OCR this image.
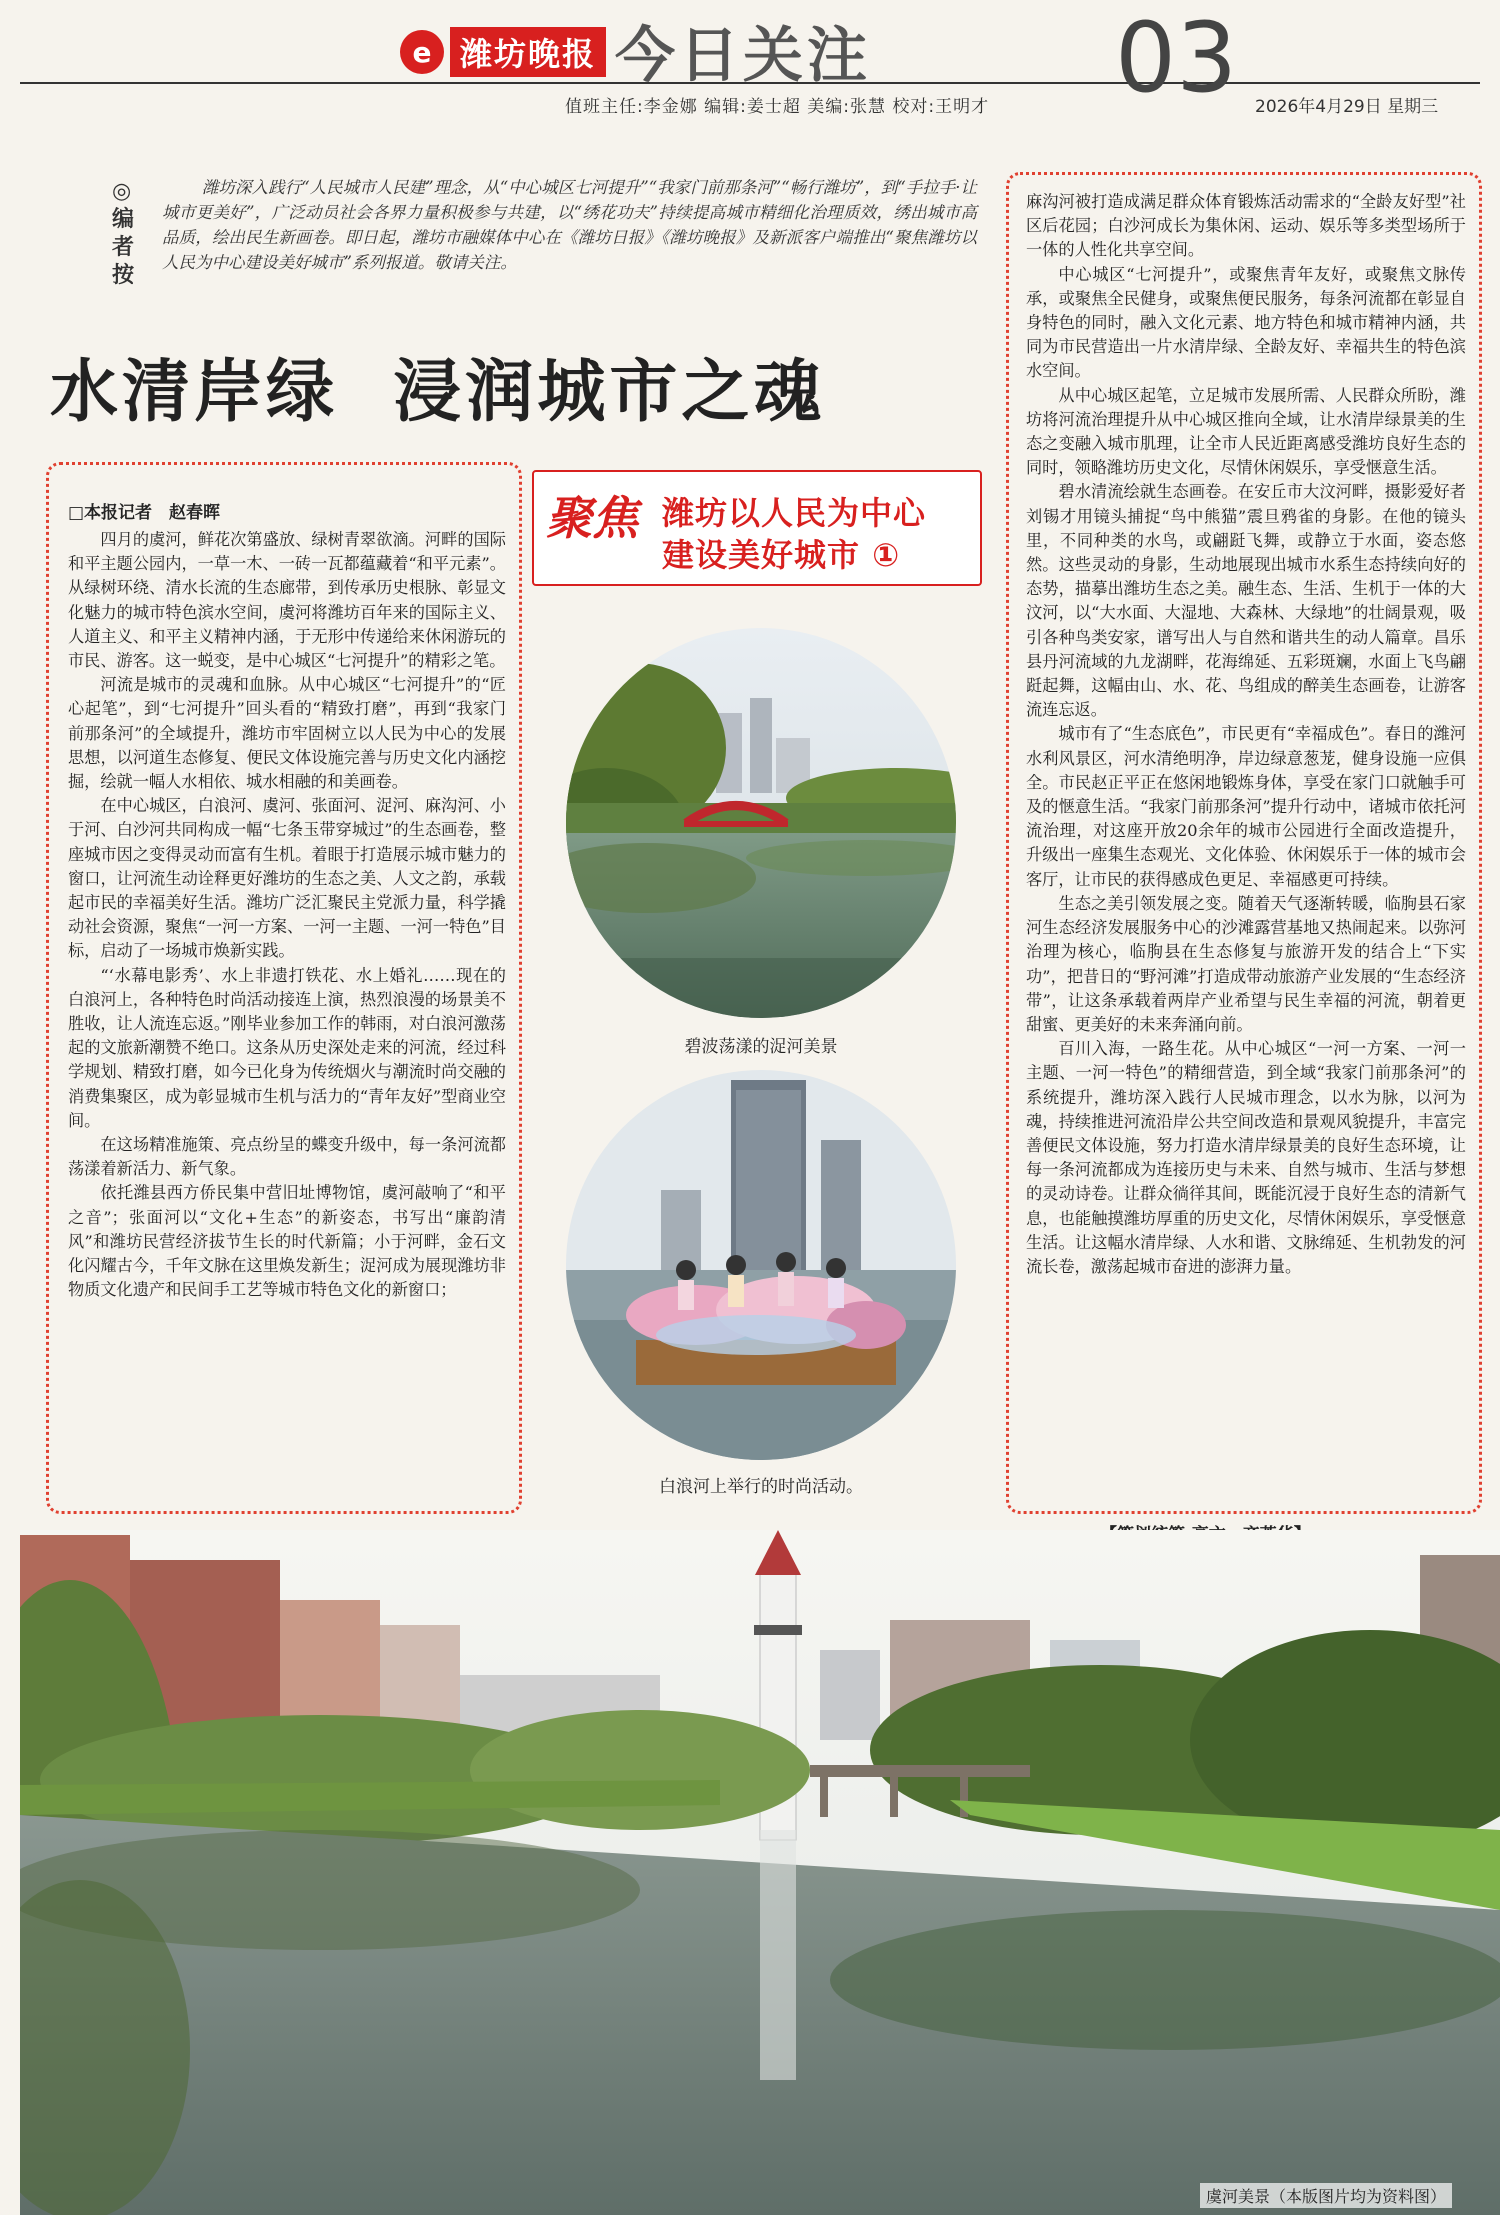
e 潍坊晚报 今日关注	03
值班主任:李金娜 编辑:姜士超 美编:张慧 校对:王明才	2026年4月29日 星期三
◎编者按
潍坊深入践行“人民城市人民建”理念，从“中心城区七河提升”“我家门前那条河”“畅行潍坊”，到“手拉手·让城市更美好”，广泛动员社会各界力量积极参与共建，以“绣花功夫”持续提高城市精细化治理质效，绣出城市高品质，绘出民生新画卷。即日起，潍坊市融媒体中心在《潍坊日报》《潍坊晚报》及新派客户端推出“聚焦潍坊以人民为中心建设美好城市”系列报道。敬请关注。
水清岸绿  浸润城市之魂
□本报记者　赵春晖

四月的虞河，鲜花次第盛放、绿树青翠欲滴。河畔的国际和平主题公园内，一草一木、一砖一瓦都蕴藏着“和平元素”。从绿树环绕、清水长流的生态廊带，到传承历史根脉、彰显文化魅力的城市特色滨水空间，虞河将潍坊百年来的国际主义、人道主义、和平主义精神内涵，于无形中传递给来休闲游玩的市民、游客。这一蜕变，是中心城区“七河提升”的精彩之笔。

河流是城市的灵魂和血脉。从中心城区“七河提升”的“匠心起笔”，到“七河提升”回头看的“精致打磨”，再到“我家门前那条河”的全域提升，潍坊市牢固树立以人民为中心的发展思想，以河道生态修复、便民文体设施完善与历史文化内涵挖掘，绘就一幅人水相依、城水相融的和美画卷。

在中心城区，白浪河、虞河、张面河、浞河、麻沟河、小于河、白沙河共同构成一幅“七条玉带穿城过”的生态画卷，整座城市因之变得灵动而富有生机。着眼于打造展示城市魅力的窗口，让河流生动诠释更好潍坊的生态之美、人文之韵，承载起市民的幸福美好生活。潍坊广泛汇聚民主党派力量，科学撬动社会资源，聚焦“一河一方案、一河一主题、一河一特色”目标，启动了一场城市焕新实践。

“‘水幕电影秀’、水上非遗打铁花、水上婚礼……现在的白浪河上，各种特色时尚活动接连上演，热烈浪漫的场景美不胜收，让人流连忘返。”刚毕业参加工作的韩雨，对白浪河激荡起的文旅新潮赞不绝口。这条从历史深处走来的河流，经过科学规划、精致打磨，如今已化身为传统烟火与潮流时尚交融的消费集聚区，成为彰显城市生机与活力的“青年友好”型商业空间。

在这场精准施策、亮点纷呈的蝶变升级中，每一条河流都荡漾着新活力、新气象。

依托潍县西方侨民集中营旧址博物馆，虞河敲响了“和平之音”；张面河以“文化+生态”的新姿态，书写出“廉韵清风”和潍坊民营经济拔节生长的时代新篇；小于河畔，金石文化闪耀古今，千年文脉在这里焕发新生；浞河成为展现潍坊非物质文化遗产和民间手工艺等城市特色文化的新窗口；

聚焦 潍坊以人民为中心
建设美好城市 ①
碧波荡漾的浞河美景
白浪河上举行的时尚活动。

麻沟河被打造成满足群众体育锻炼活动需求的“全龄友好型”社区后花园；白沙河成长为集休闲、运动、娱乐等多类型场所于一体的人性化共享空间。

中心城区“七河提升”，或聚焦青年友好，或聚焦文脉传承，或聚焦全民健身，或聚焦便民服务，每条河流都在彰显自身特色的同时，融入文化元素、地方特色和城市精神内涵，共同为市民营造出一片水清岸绿、全龄友好、幸福共生的特色滨水空间。

从中心城区起笔，立足城市发展所需、人民群众所盼，潍坊将河流治理提升从中心城区推向全域，让水清岸绿景美的生态之变融入城市肌理，让全市人民近距离感受潍坊良好生态的同时，领略潍坊历史文化，尽情休闲娱乐，享受惬意生活。

碧水清流绘就生态画卷。在安丘市大汶河畔，摄影爱好者刘锡才用镜头捕捉“鸟中熊猫”震旦鸦雀的身影。在他的镜头里，不同种类的水鸟，或翩跹飞舞，或静立于水面，姿态悠然。这些灵动的身影，生动地展现出城市水系生态持续向好的态势，描摹出潍坊生态之美。融生态、生活、生机于一体的大汶河，以“大水面、大湿地、大森林、大绿地”的壮阔景观，吸引各种鸟类安家，谱写出人与自然和谐共生的动人篇章。昌乐县丹河流域的九龙湖畔，花海绵延、五彩斑斓，水面上飞鸟翩跹起舞，这幅由山、水、花、鸟组成的醉美生态画卷，让游客流连忘返。

城市有了“生态底色”，市民更有“幸福成色”。春日的潍河水利风景区，河水清绝明净，岸边绿意葱茏，健身设施一应俱全。市民赵正平正在悠闲地锻炼身体，享受在家门口就触手可及的惬意生活。“我家门前那条河”提升行动中，诸城市依托河流治理，对这座开放20余年的城市公园进行全面改造提升，升级出一座集生态观光、文化体验、休闲娱乐于一体的城市会客厅，让市民的获得感成色更足、幸福感更可持续。

生态之美引领发展之变。随着天气逐渐转暖，临朐县石家河生态经济发展服务中心的沙滩露营基地又热闹起来。以弥河治理为核心，临朐县在生态修复与旅游开发的结合上“下实功”，把昔日的“野河滩”打造成带动旅游产业发展的“生态经济带”，让这条承载着两岸产业希望与民生幸福的河流，朝着更甜蜜、更美好的未来奔涌向前。

百川入海，一路生花。从中心城区“一河一方案、一河一主题、一河一特色”的精细营造，到全域“我家门前那条河”的系统提升，潍坊深入践行人民城市理念，以水为脉，以河为魂，持续推进河流沿岸公共空间改造和景观风貌提升，丰富完善便民文体设施，努力打造水清岸绿景美的良好生态环境，让每一条河流都成为连接历史与未来、自然与城市、生活与梦想的灵动诗卷。让群众徜徉其间，既能沉浸于良好生态的清新气息，也能触摸潍坊厚重的历史文化，尽情休闲娱乐，享受惬意生活。让这幅水清岸绿、人水和谐、文脉绵延、生机勃发的河流长卷，激荡起城市奋进的澎湃力量。

虞河美景（本版图片均为资料图）
